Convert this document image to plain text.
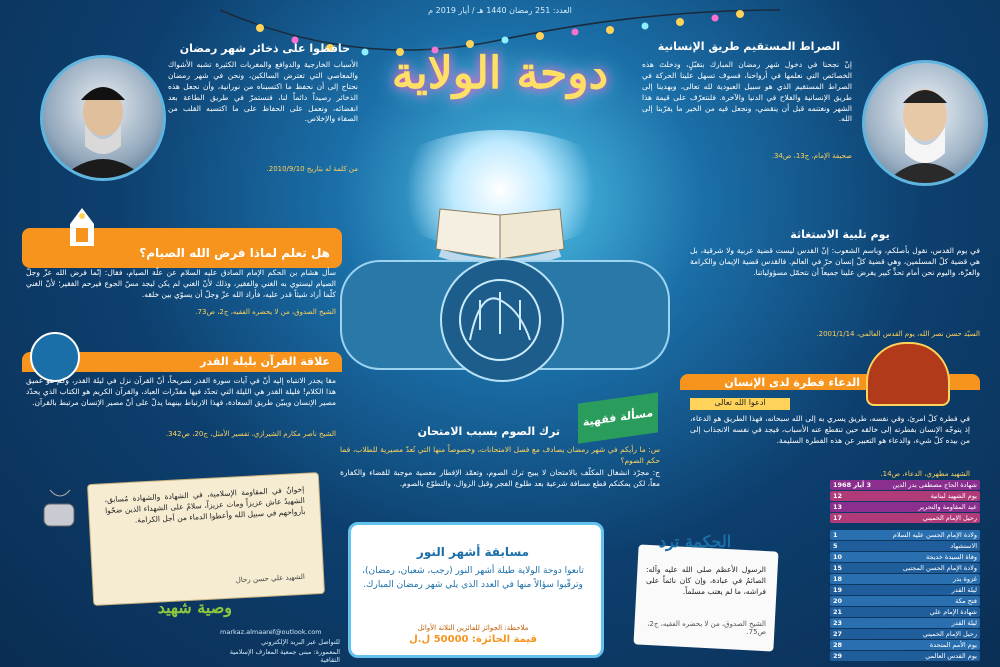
العدد: 251 رمضان 1440 هـ / أيار 2019 م
دوحة الولاية
الصراط المستقيم طريق الإنسانية
إنّ نجحنا في دخول شهر رمضان المبارك بتقبّلٍ، ودخلتَ هذه الخصائص التي نعلمها في أرواحنا، فسوف تسهل علينا الحركة في الصراط المستقيم الذي هو سبيل العبودية لله تعالى، ويهدينا إلى طريق الإنسانية والفلاح في الدنيا والآخرة. فلنتعرّف على قيمة هذا الشهر ونغتنمه قبل أن ينقضي، ونجعل فيه من الخير ما يقرّبنا إلى الله.
صحيفة الإمام، ج13، ص34.
حافظوا على ذخائر شهر رمضان
الأسباب الخارجية والدوافع والمغريات الكثيرة تشبه الأشواك والمعاصي التي تعترض السالكين، ونحن في شهر رمضان نحتاج إلى أن نحفظ ما اكتسبناه من نورانية، وأن نجعل هذه الذخائر رصيداً دائماً لنا، فنستمرّ في طريق الطاعة بعد انقضائه، ونعمل على الحفاظ على ما اكتسبه القلب من الصفاء والإخلاص.
من كلمة له بتاريخ 2010/9/10.
هل تعلم لماذا فرض الله الصيام؟
سأل هشام بن الحكم الإمام الصادق عليه السلام عن علّة الصيام، فقال: إنّما فرض الله عزّ وجلّ الصيام ليستوي به الغني والفقير، وذلك لأنّ الغني لم يكن ليجد مسّ الجوع فيرحم الفقير؛ لأنّ الغني كلّما أراد شيئاً قدر عليه، فأراد الله عزّ وجلّ أن يسوّي بين خلقه.
الشيخ الصدوق، من لا يحضره الفقيه، ج2، ص73.
علاقة القرآن بليلة القدر
مقا يجدر الانتباه إليه أنّ في آيات سورة القدر تصريحاً، أنّ القرآن نزل في ليلة القدر، وكم هو عميق هذا الكلام! فليلة القدر هي الليلة التي تحدّد فيها مقدّرات العباد، والقرآن الكريم هو الكتاب الذي يحدّد مصير الإنسان ويبيّن طريق السعادة، فهذا الارتباط بينهما يدلّ على أنّ مصير الإنسان مرتبط بالقرآن.
الشيخ ناصر مكارم الشيرازي، تفسير الأمثل، ج20، ص342.
مسألة فقهية
ترك الصوم بسبب الامتحان
س: ما رأيكم في شهر رمضان يصادف مع فصل الامتحانات، وخصوصاً منها التي تُعدّ مصيرية للطلاب، فما حكم الصوم؟
ج: مجرّد انشغال المكلّف بالامتحان لا يبيح ترك الصوم، وتعمّد الإفطار معصية موجبة للقضاء والكفارة معاً، لكن يمكنكم قطع مسافة شرعية بعد طلوع الفجر وقبل الزوال، والتطوّع بالصوم.
يوم تلبية الاستغاثة
في يوم القدس، نقول بأصلكم، وباسم الشعوب: إنّ القدس ليست قضية عربية ولا شرقية، بل هي قضية كلّ المسلمين، وهي قضية كلّ إنسان حرّ في العالم. فالقدس قضية الإيمان والكرامة والعزّة، واليوم نحن أمام تحدٍّ كبير يفرض علينا جميعاً أن نتحمّل مسؤولياتنا.
السيّد حسن نصر الله، يوم القدس العالمي، 2001/1/14.
الدعاء فطرة لدى الإنسان
ادعوا الله تعالى
في فطرة كلّ امرئ، وفي نفسه، طريق يسري به إلى الله سبحانه، فهذا الطريق هو الدعاء، إذ يتوجّه الإنسان بفطرته إلى خالقه حين تنقطع عنه الأسباب، فيجد في نفسه الانجذاب إلى من بيده كلّ شيء، والدعاء هو التعبير عن هذه الفطرة السليمة.
الشهيد مطهري، الدعاء، ص14.
إخوانٌ في المقاومة الإسلامية، في الشهادة والشهادة مُسابق، الشهيدُ عاش عزيزاً ومات عزيزاً، سلامٌ على الشهداء الذين ضحّوا بأرواحهم في سبيل الله وأعطوا الدماء من أجل الكرامة.
الشهيد علي حسن رحال
وصية شهيد
مسابقة أشهر النور
تابعوا دوحة الولاية طيلة أشهر النور (رجب، شعبان، رمضان)، وترقّبوا سؤالاً منها في العدد الذي يلي شهر رمضان المبارك.
ملاحظة: الجوائز للفائزين الثلاثة الأوائل
قيمة الجائزة: 50000 ل.ل
الحكمة ترد
الرسول الأعظم صلى الله عليه وآله: الصائمُ في عبادة، وإن كان نائماً على فراشه، ما لم يغتب مسلماً.
الشيخ الصدوق، من لا يحضره الفقيه، ج2، ص75.
3 أيار 1968	شهادة الحاج مصطفى بدر الدين
12	يوم الشهيد لبنانية
13	عيد المقاومة والتحرير
17	رحيل الإمام الخميني
1	ولادة الإمام الحسن عليه السلام
5	الاستشهاد
10	وفاة السيدة خديجة
15	ولادة الإمام الحسن المجتبى
18	غزوة بدر
19	ليلة القدر
20	فتح مكة
21	شهادة الإمام علي
23	ليلة القدر
27	رحيل الإمام الخميني
28	يوم الأمم المتحدة
29	يوم القدس العالمي
markaz.almaaref@outlook.com
للتواصل عبر البريد الإلكتروني
المعمورة: مبنى جمعية المعارف الإسلامية الثقافية
